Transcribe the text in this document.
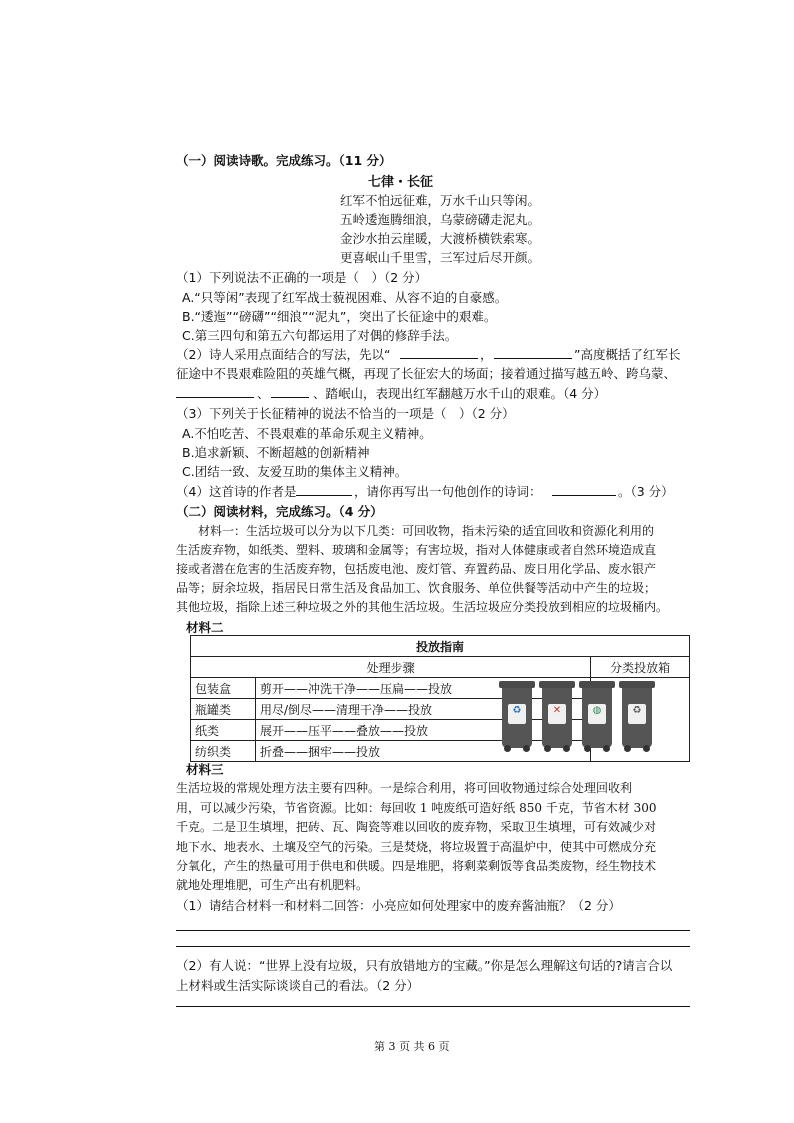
（一）阅读诗歌。完成练习。（11 分）
七律・长征
红军不怕远征难，万水千山只等闲。
五岭逶迤腾细浪，乌蒙磅礴走泥丸。
金沙水拍云崖暖，大渡桥横铁索寒。
更喜岷山千里雪，三军过后尽开颜。
（1）下列说法不正确的一项是（　）（2 分）
A.“只等闲”表现了红军战士藐视困难、从容不迫的自豪感。
B.“逶迤”“磅礴”“细浪”“泥丸”，突出了长征途中的艰难。
C.第三四句和第五六句都运用了对偶的修辞手法。
（2）诗人采用点面结合的写法，先以“	，	”高度概括了红军长
征途中不畏艰难险阻的英雄气概，再现了长征宏大的场面；接着通过描写越五岭、跨乌蒙、
、	、踏岷山，表现出红军翻越万水千山的艰难。（4 分）
（3）下列关于长征精神的说法不恰当的一项是（　）（2 分）
A.不怕吃苦、不畏艰难的革命乐观主义精神。
B.追求新颖、不断超越的创新精神
C.团结一致、友爱互助的集体主义精神。
（4）这首诗的作者是	，请你再写出一句他创作的诗词：	。（3 分）
（二）阅读材料，完成练习。（4 分）
材料一：生活垃圾可以分为以下几类：可回收物，指未污染的适宜回收和资源化利用的
生活废弃物，如纸类、塑料、玻璃和金属等；有害垃圾，指对人体健康或者自然环境造成直
接或者潜在危害的生活废弃物，包括废电池、废灯管、弃置药品、废日用化学品、废水银产
品等；厨余垃圾，指居民日常生活及食品加工、饮食服务、单位供餐等活动中产生的垃圾；
其他垃圾，指除上述三种垃圾之外的其他生活垃圾。生活垃圾应分类投放到相应的垃圾桶内。
材料二
投放指南		
处理步骤		分类投放箱
包装盒	剪开——冲洗干净——压扁——投放	
瓶罐类	用尽/倒尽——清理干净——投放	
纸类	展开——压平——叠放——投放	
纺织类	折叠——捆牢——投放	
♻	✕	◍	♻
材料三
生活垃圾的常规处理方法主要有四种。一是综合利用，将可回收物通过综合处理回收利
用，可以减少污染，节省资源。比如：每回收 1 吨废纸可造好纸 850 千克，节省木材 300
千克。二是卫生填埋，把砖、瓦、陶瓷等难以回收的废弃物，采取卫生填埋，可有效减少对
地下水、地表水、土壤及空气的污染。三是焚烧，将垃圾置于高温炉中，使其中可燃成分充
分氧化，产生的热量可用于供电和供暖。四是堆肥，将剩菜剩饭等食品类废物，经生物技术
就地处理堆肥，可生产出有机肥料。
（1）请结合材料一和材料二回答：小亮应如何处理家中的废弃酱油瓶？（2 分）
（2）有人说：“世界上没有垃圾，只有放错地方的宝藏。”你是怎么理解这句话的?请言合以
上材料或生活实际谈谈自己的看法。（2 分）
第 3 页 共 6 页
